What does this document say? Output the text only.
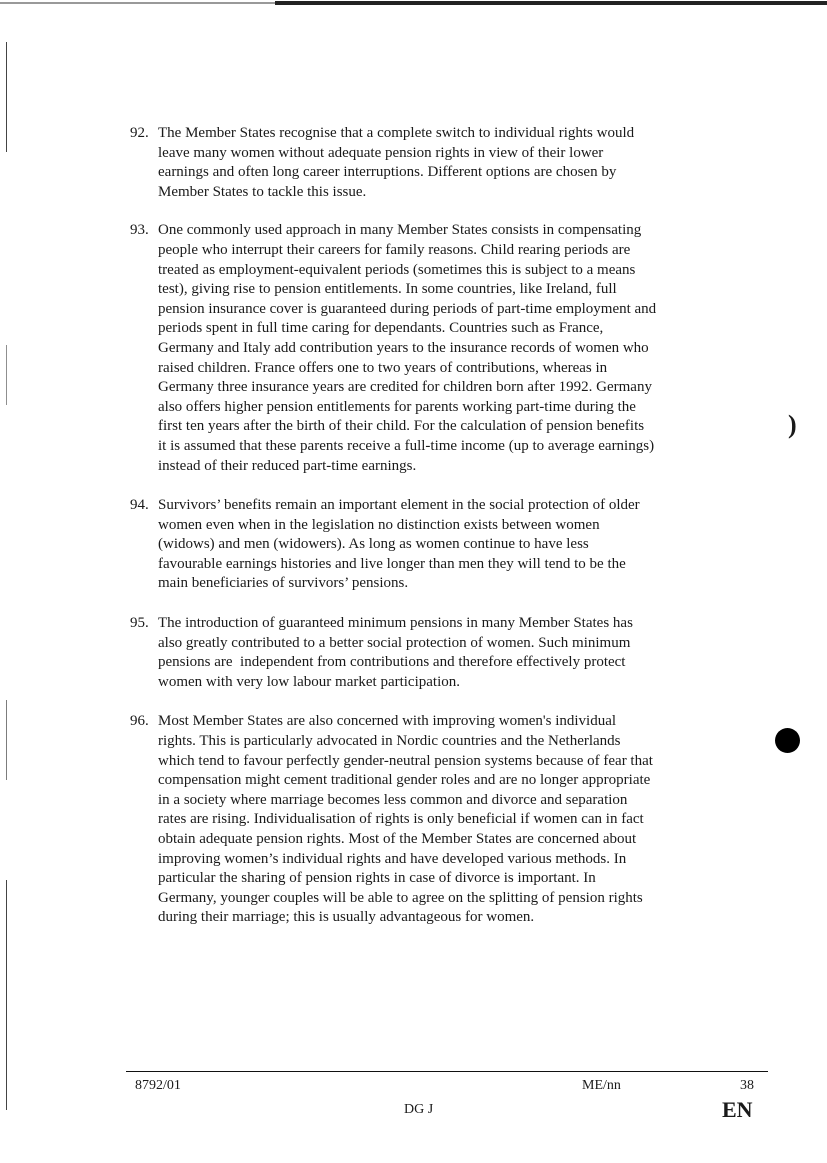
92. The Member States recognise that a complete switch to individual rights would
leave many women without adequate pension rights in view of their lower
earnings and often long career interruptions. Different options are chosen by
Member States to tackle this issue.
93. One commonly used approach in many Member States consists in compensating
people who interrupt their careers for family reasons. Child rearing periods are
treated as employment-equivalent periods (sometimes this is subject to a means
test), giving rise to pension entitlements. In some countries, like Ireland, full
pension insurance cover is guaranteed during periods of part-time employment and
periods spent in full time caring for dependants. Countries such as France,
Germany and Italy add contribution years to the insurance records of women who
raised children. France offers one to two years of contributions, whereas in
Germany three insurance years are credited for children born after 1992. Germany
also offers higher pension entitlements for parents working part-time during the
first ten years after the birth of their child. For the calculation of pension benefits
it is assumed that these parents receive a full-time income (up to average earnings)
instead of their reduced part-time earnings.
94. Survivors’ benefits remain an important element in the social protection of older
women even when in the legislation no distinction exists between women
(widows) and men (widowers). As long as women continue to have less
favourable earnings histories and live longer than men they will tend to be the
main beneficiaries of survivors’ pensions.
95. The introduction of guaranteed minimum pensions in many Member States has
also greatly contributed to a better social protection of women. Such minimum
pensions are  independent from contributions and therefore effectively protect
women with very low labour market participation.
96. Most Member States are also concerned with improving women's individual
rights. This is particularly advocated in Nordic countries and the Netherlands
which tend to favour perfectly gender-neutral pension systems because of fear that
compensation might cement traditional gender roles and are no longer appropriate
in a society where marriage becomes less common and divorce and separation
rates are rising. Individualisation of rights is only beneficial if women can in fact
obtain adequate pension rights. Most of the Member States are concerned about
improving women’s individual rights and have developed various methods. In
particular the sharing of pension rights in case of divorce is important. In
Germany, younger couples will be able to agree on the splitting of pension rights
during their marriage; this is usually advantageous for women.
)
8792/01	ME/nn	38
DG J	EN
